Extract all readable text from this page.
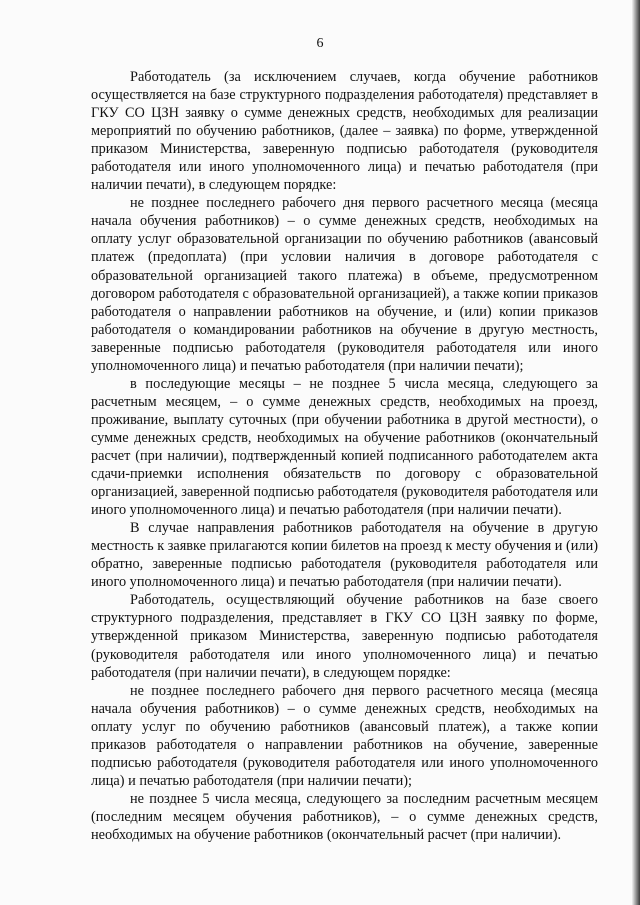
6

Работодатель (за исключением случаев, когда обучение работников осуществляется на базе структурного подразделения работодателя) представляет в ГКУ СО ЦЗН заявку о сумме денежных средств, необходимых для реализации мероприятий по обучению работников, (далее – заявка) по форме, утвержденной приказом Министерства, заверенную подписью работодателя (руководителя работодателя или иного уполномоченного лица) и печатью работодателя (при наличии печати), в следующем порядке:

не позднее последнего рабочего дня первого расчетного месяца (месяца начала обучения работников) – о сумме денежных средств, необходимых на оплату услуг образовательной организации по обучению работников (авансовый платеж (предоплата) (при условии наличия в договоре работодателя с образовательной организацией такого платежа) в объеме, предусмотренном договором работодателя с образовательной организацией), а также копии приказов работодателя о направлении работников на обучение, и (или) копии приказов работодателя о командировании работников на обучение в другую местность, заверенные подписью работодателя (руководителя работодателя или иного уполномоченного лица) и печатью работодателя (при наличии печати);

в последующие месяцы – не позднее 5 числа месяца, следующего за расчетным месяцем, – о сумме денежных средств, необходимых на проезд, проживание, выплату суточных (при обучении работника в другой местности), о сумме денежных средств, необходимых на обучение работников (окончательный расчет (при наличии), подтвержденный копией подписанного работодателем акта сдачи-приемки исполнения обязательств по договору с образовательной организацией, заверенной подписью работодателя (руководителя работодателя или иного уполномоченного лица) и печатью работодателя (при наличии печати).

В случае направления работников работодателя на обучение в другую местность к заявке прилагаются копии билетов на проезд к месту обучения и (или) обратно, заверенные подписью работодателя (руководителя работодателя или иного уполномоченного лица) и печатью работодателя (при наличии печати).

Работодатель, осуществляющий обучение работников на базе своего структурного подразделения, представляет в ГКУ СО ЦЗН заявку по форме, утвержденной приказом Министерства, заверенную подписью работодателя (руководителя работодателя или иного уполномоченного лица) и печатью работодателя (при наличии печати), в следующем порядке:

не позднее последнего рабочего дня первого расчетного месяца (месяца начала обучения работников) – о сумме денежных средств, необходимых на оплату услуг по обучению работников (авансовый платеж), а также копии приказов работодателя о направлении работников на обучение, заверенные подписью работодателя (руководителя работодателя или иного уполномоченного лица) и печатью работодателя (при наличии печати);

не позднее 5 числа месяца, следующего за последним расчетным месяцем (последним месяцем обучения работников), – о сумме денежных средств, необходимых на обучение работников (окончательный расчет (при наличии).
